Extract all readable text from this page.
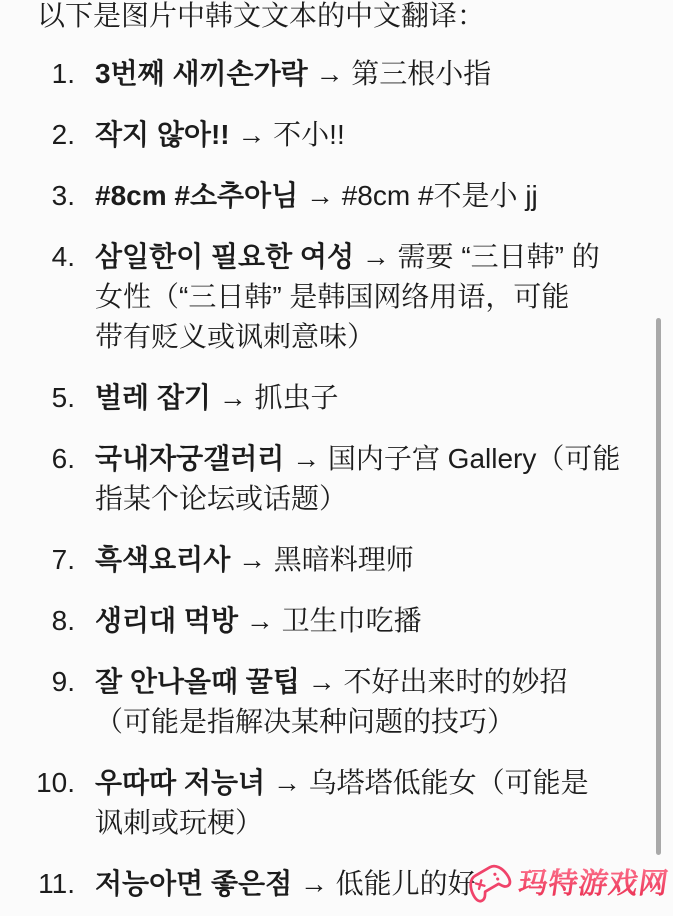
以下是图片中韩文文本的中文翻译：
1. 3번째 새끼손가락 → 第三根小指
2. 작지 않아!! → 不小!!
3. #8cm #소추아님 → #8cm #不是小 jj
4. 삼일한이 필요한 여성 → 需要 “三日韩” 的
女性（“三日韩” 是韩国网络用语，可能
带有贬义或讽刺意味）
5. 벌레 잡기 → 抓虫子
6. 국내자궁갤러리 → 国内子宫 Gallery（可能
指某个论坛或话题）
7. 흑색요리사 → 黑暗料理师
8. 생리대 먹방 → 卫生巾吃播
9. 잘 안나올때 꿀팁 → 不好出来时的妙招
（可能是指解决某种问题的技巧）
10. 우따따 저능녀 → 乌塔塔低能女（可能是
讽刺或玩梗）
11. 저능아면 좋은점 → 低能儿的好 玛特游戏网
